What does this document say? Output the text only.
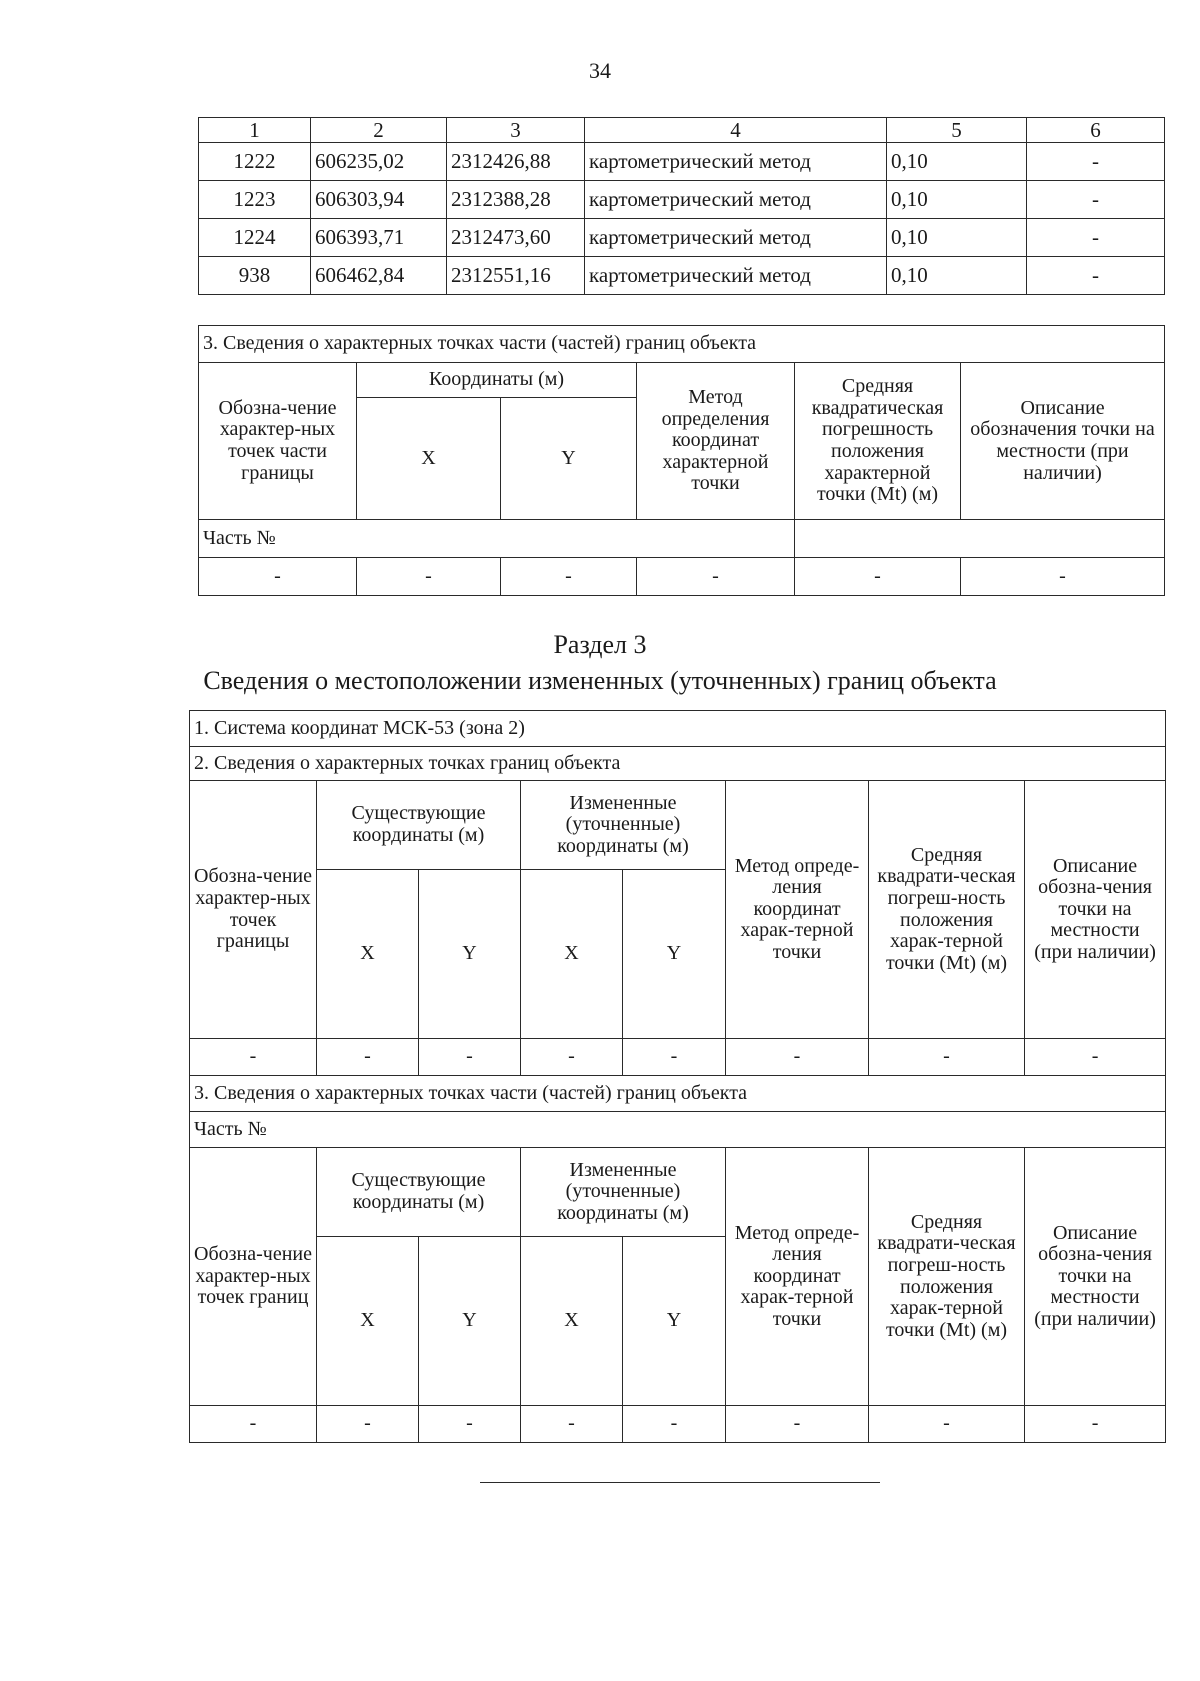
34
1	2	3	4	5	6
1222	606235,02	2312426,88	картометрический метод	0,10	-
1223	606303,94	2312388,28	картометрический метод	0,10	-
1224	606393,71	2312473,60	картометрический метод	0,10	-
938	606462,84	2312551,16	картометрический метод	0,10	-
3. Сведения о характерных точках части (частей) границ объекта					
Обозна-чение характер-ных точек части границы	Координаты (м)		Метод определения координат характерной точки	Средняя квадратическая погрешность положения характерной точки (Mt) (м)	Описание обозначения точки на местности (при наличии)
	X	Y			
Часть №					
-	-	-	-	-	-
Раздел 3
Сведения о местоположении измененных (уточненных) границ объекта
1. Система координат МСК-53 (зона 2)							
2. Сведения о характерных точках границ объекта							
Обозна-чение характер-ных точек границы	Существующие координаты (м)		Измененные (уточненные) координаты (м)		Метод опреде-ления координат харак-терной точки	Средняя квадрати-ческая погреш-ность положения харак-терной точки (Mt) (м)	Описание обозна-чения точки на местности (при наличии)
	X	Y	X	Y			
-	-	-	-	-	-	-	-
3. Сведения о характерных точках части (частей) границ объекта							
Часть №							
Обозна-чение характер-ных точек границ	Существующие координаты (м)		Измененные (уточненные) координаты (м)		Метод опреде-ления координат харак-терной точки	Средняя квадрати-ческая погреш-ность положения харак-терной точки (Mt) (м)	Описание обозна-чения точки на местности (при наличии)
	X	Y	X	Y			
-	-	-	-	-	-	-	-
